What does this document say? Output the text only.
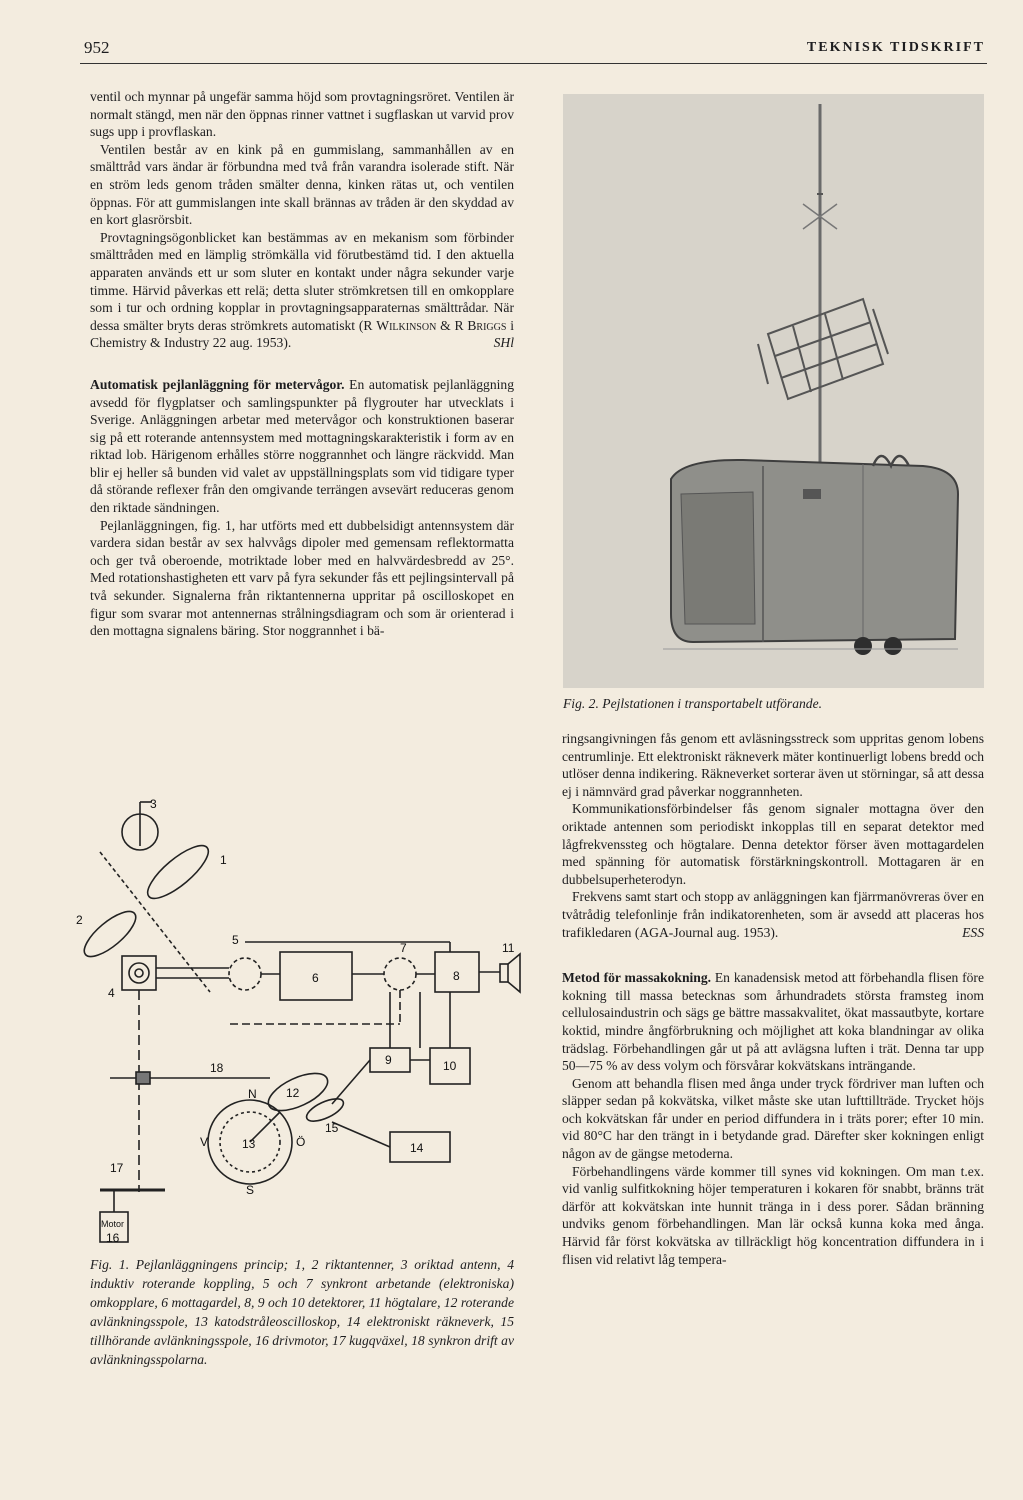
952	TEKNISK TIDSKRIFT

ventil och mynnar på ungefär samma höjd som provtagningsröret. Ventilen är normalt stängd, men när den öppnas rinner vattnet i sugflaskan ut varvid prov sugs upp i provflaskan.

Ventilen består av en kink på en gummislang, sammanhållen av en smälttråd vars ändar är förbundna med två från varandra isolerade stift. När en ström leds genom tråden smälter denna, kinken rätas ut, och ventilen öppnas. För att gummislangen inte skall brännas av tråden är den skyddad av en kort glasrörsbit.

Provtagningsögonblicket kan bestämmas av en mekanism som förbinder smälttråden med en lämplig strömkälla vid förutbestämd tid. I den aktuella apparaten används ett ur som sluter en kontakt under några sekunder varje timme. Härvid påverkas ett relä; detta sluter strömkretsen till en omkopplare som i tur och ordning kopplar in provtagningsapparaternas smälttrådar. När dessa smälter bryts deras strömkrets automatiskt (R Wilkinson & R Briggs i Chemistry & Industry 22 aug. 1953).	SHl

Automatisk pejlanläggning för metervågor. En automatisk pejlanläggning avsedd för flygplatser och samlingspunkter på flygrouter har utvecklats i Sverige. Anläggningen arbetar med metervågor och konstruktionen baserar sig på ett roterande antennsystem med mottagningskarakteristik i form av en riktad lob. Härigenom erhålles större noggrannhet och längre räckvidd. Man blir ej heller så bunden vid valet av uppställningsplats som vid tidigare typer då störande reflexer från den omgivande terrängen avsevärt reduceras genom den riktade sändningen.

Pejlanläggningen, fig. 1, har utförts med ett dubbelsidigt antennsystem där vardera sidan består av sex halvvågs dipoler med gemensam reflektormatta och ger två oberoende, motriktade lober med en halvvärdesbredd av 25°. Med rotationshastigheten ett varv på fyra sekunder fås ett pejlingsintervall på två sekunder. Signalerna från riktantennerna uppritar på oscilloskopet en figur som svarar mot antennernas strålningsdiagram och som är orienterad i den mottagna signalens bäring. Stor noggrannhet i bä-

Fig. 2. Pejlstationen i transportabelt utförande.

ringsangivningen fås genom ett avläsningsstreck som uppritas genom lobens centrumlinje. Ett elektroniskt räkneverk mäter kontinuerligt lobens bredd och utlöser denna indikering. Räkneverket sorterar även ut störningar, så att dessa ej i nämnvärd grad påverkar noggrannheten.

Kommunikationsförbindelser fås genom signaler mottagna över den oriktade antennen som periodiskt inkopplas till en separat detektor med lågfrekvenssteg och högtalare. Denna detektor förser även mottagardelen med spänning för automatisk förstärkningskontroll. Mottagaren är en dubbelsuperheterodyn.

Frekvens samt start och stopp av anläggningen kan fjärrmanövreras över en tvåtrådig telefonlinje från indikatorenheten, som är avsedd att placeras hos trafikledaren (AGA-Journal aug. 1953).	ESS

Metod för massakokning. En kanadensisk metod att förbehandla flisen före kokning till massa betecknas som århundradets största framsteg inom cellulosaindustrin och sägs ge bättre massakvalitet, ökat massautbyte, kortare koktid, mindre ångförbrukning och möjlighet att koka blandningar av olika trädslag. Förbehandlingen går ut på att avlägsna luften i trät. Denna tar upp 50—75 % av dess volym och försvårar kokvätskans inträngande.

Genom att behandla flisen med ånga under tryck fördriver man luften och släpper sedan på kokvätska, vilket måste ske utan lufttillträde. Trycket höjs och kokvätskan får under en period diffundera in i träts porer; efter 10 min. vid 80°C har den trängt in i betydande grad. Därefter sker kokningen enligt någon av de gängse metoderna.

Förbehandlingens värde kommer till synes vid kokningen. Om man t.ex. vid vanlig sulfitkokning höjer temperaturen i kokaren för snabbt, bränns trät därför att kokvätskan inte hunnit tränga in i dess porer. Sådan bränning undviks genom förbehandlingen. Man lär också kunna koka med ånga. Härvid får först kokvätska av tillräckligt hög koncentration diffundera in i flisen vid relativt låg tempera-

3
1
2
4
5
6
7
8
9	10
11
12
13	14
15
16
17
18
N
S
V	Ö
Motor
Fig. 1. Pejlanläggningens princip; 1, 2 riktantenner, 3 oriktad antenn, 4 induktiv roterande koppling, 5 och 7 synkront arbetande (elektroniska) omkopplare, 6 mottagardel, 8, 9 och 10 detektorer, 11 högtalare, 12 roterande avlänkningsspole, 13 katodstråleoscilloskop, 14 elektroniskt räkneverk, 15 tillhörande avlänkningsspole, 16 drivmotor, 17 kugqväxel, 18 synkron drift av avlänkningsspolarna.
